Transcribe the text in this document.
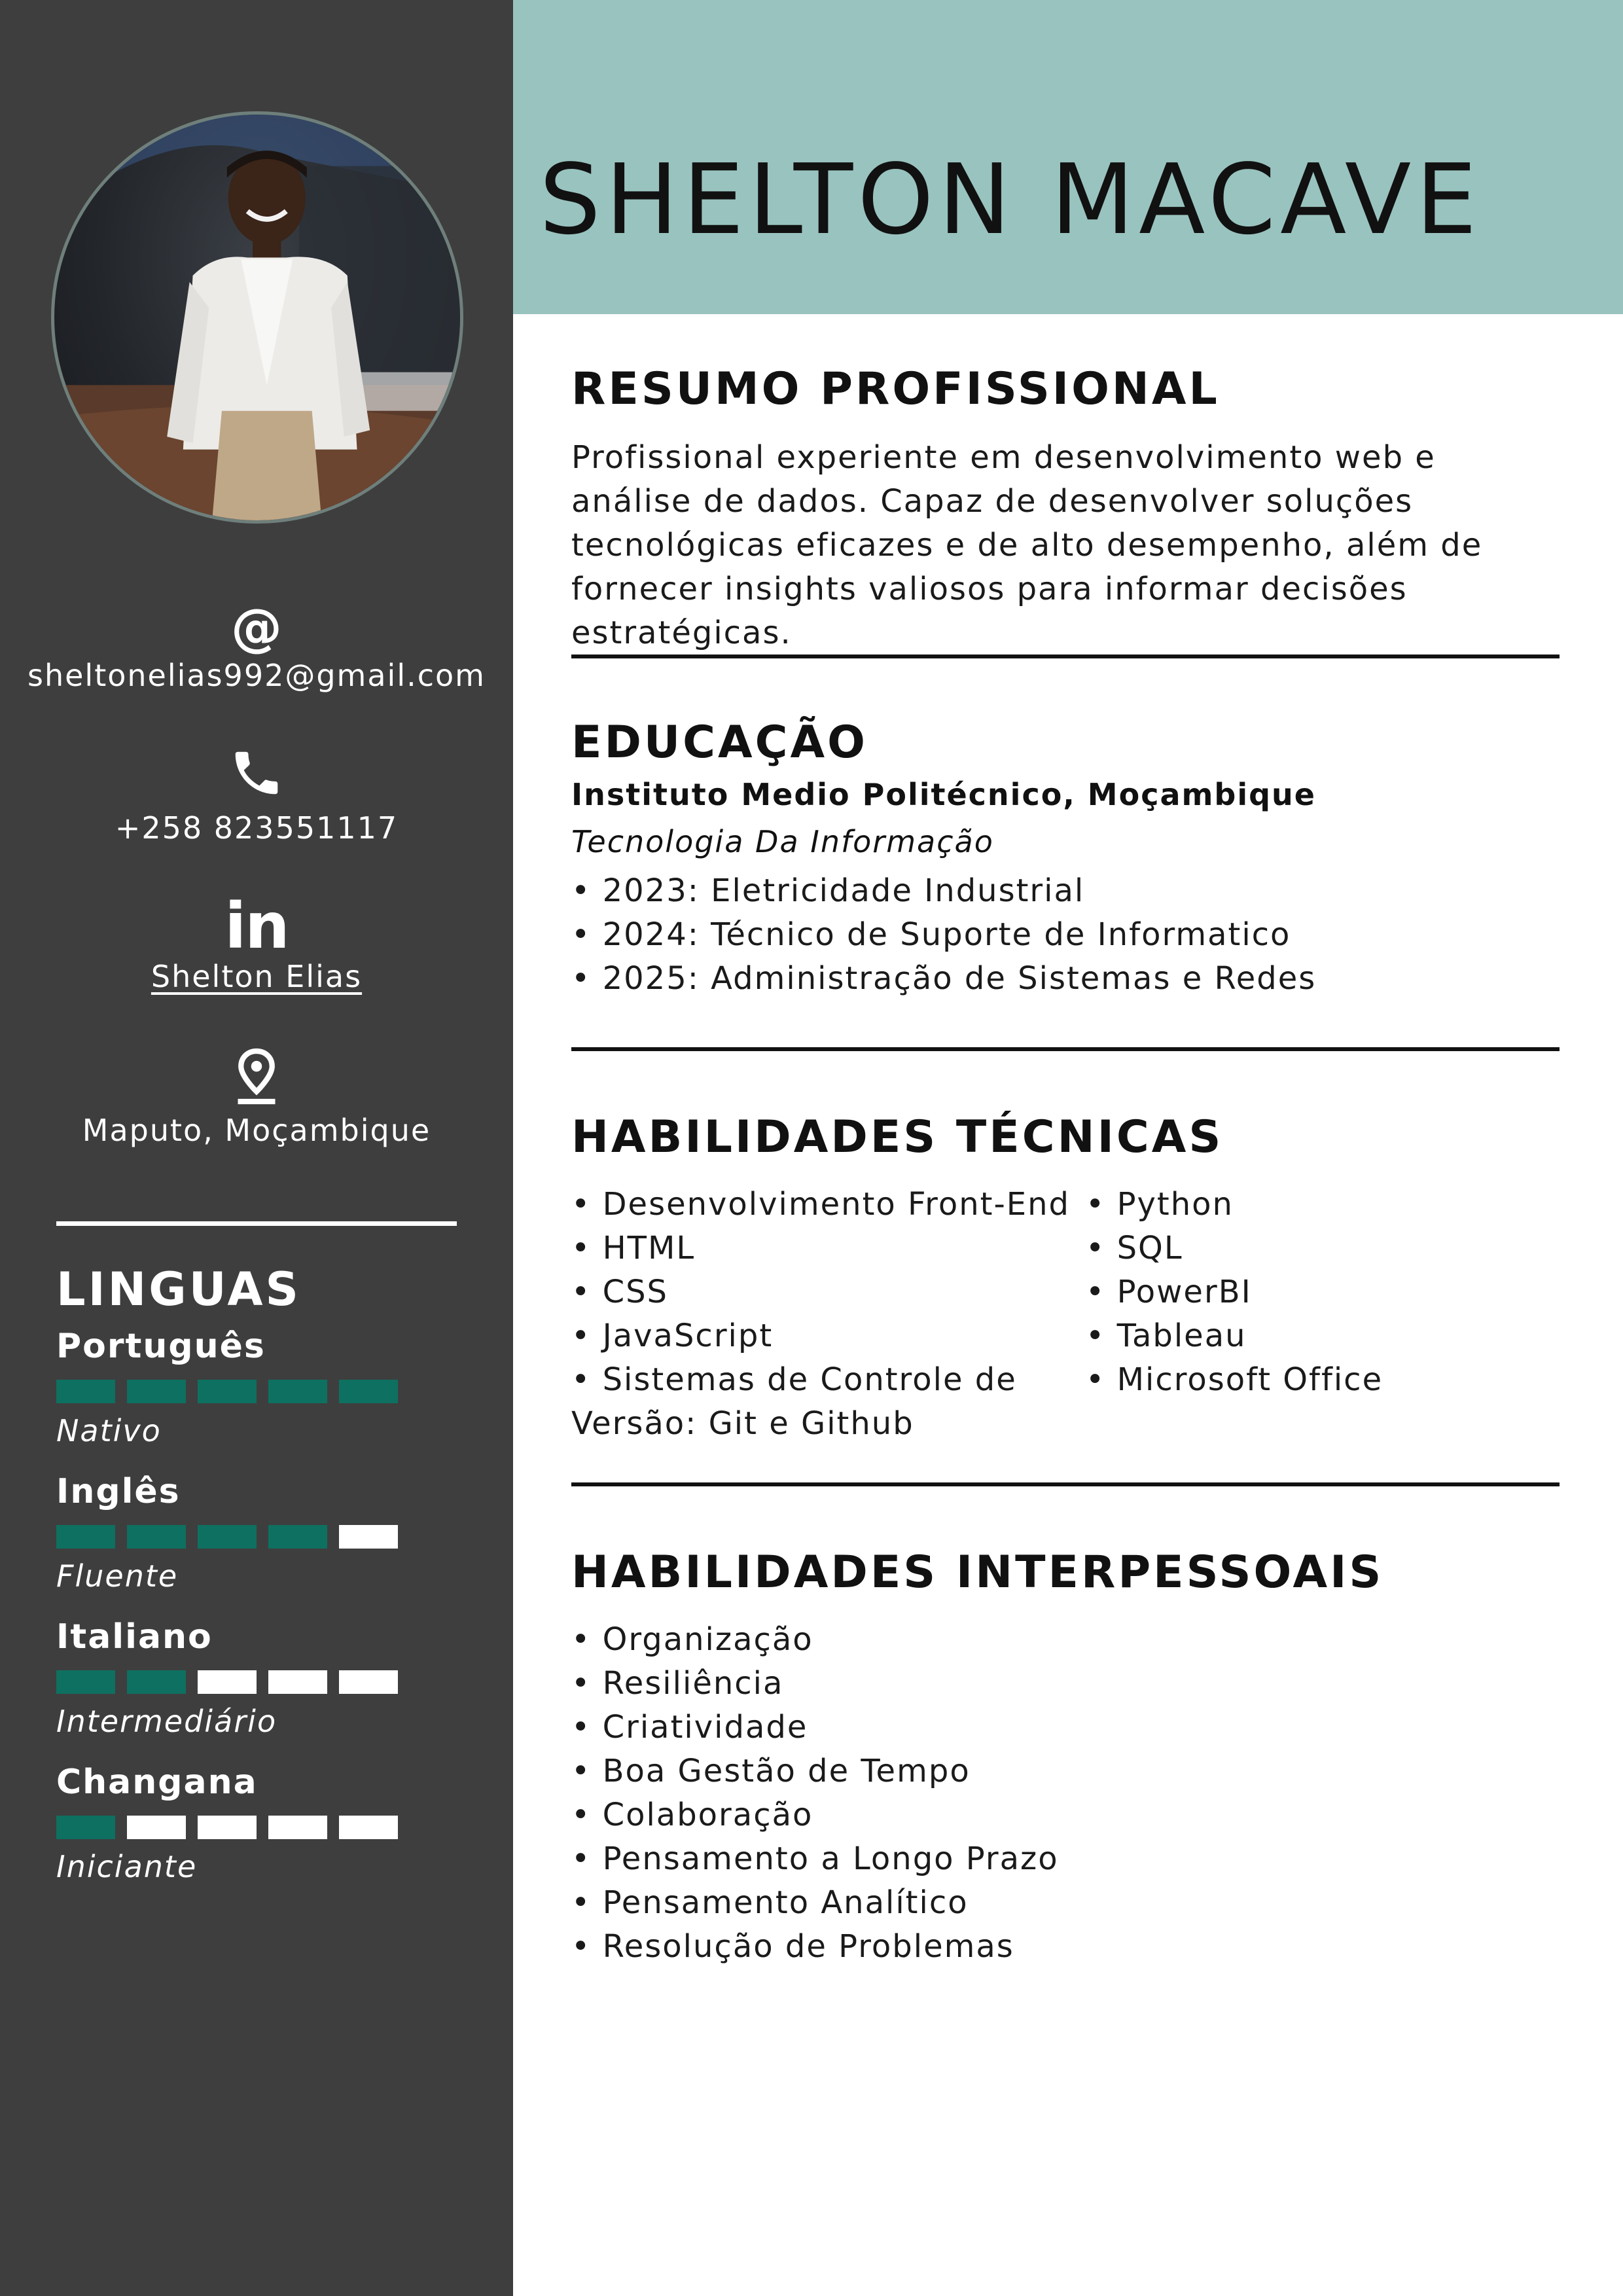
@
sheltonelias992@gmail.com
+258 823551117
in
Shelton Elias
Maputo, Moçambique
LINGUAS
Português
Nativo
Inglês
Fluente
Italiano
Intermediário
Changana
Iniciante
SHELTON MACAVE
RESUMO PROFISSIONAL

Profissional experiente em desenvolvimento web e análise de dados. Capaz de desenvolver soluções tecnológicas eficazes e de alto desempenho, além de fornecer insights valiosos para informar decisões estratégicas.

EDUCAÇÃO
Instituto Medio Politécnico, Moçambique
Tecnologia Da Informação
• 2023: Eletricidade Industrial
• 2024: Técnico de Suporte de Informatico
• 2025: Administração de Sistemas e Redes
HABILIDADES TÉCNICAS
• Desenvolvimento Front-End
• HTML
• CSS
• JavaScript
• Sistemas de Controle de Versão: Git e Github
• Python
• SQL
• PowerBI
• Tableau
• Microsoft Office
HABILIDADES INTERPESSOAIS
• Organização
• Resiliência
• Criatividade
• Boa Gestão de Tempo
• Colaboração
• Pensamento a Longo Prazo
• Pensamento Analítico
• Resolução de Problemas
